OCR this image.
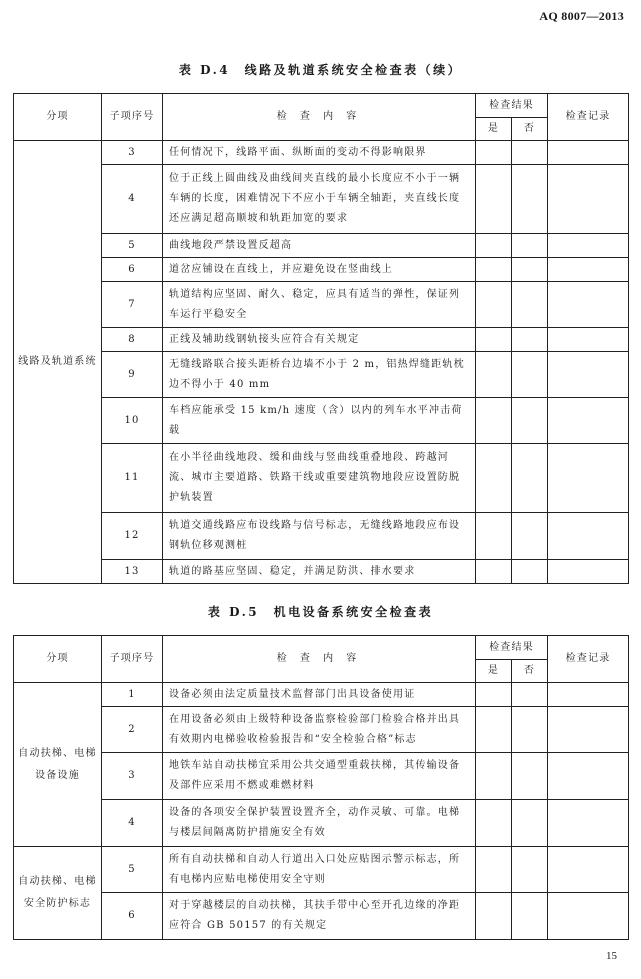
AQ 8007—2013
表 D.4　线路及轨道系统安全检查表（续）
分项	子项序号	检 查 内 容	检查结果		检查记录
			是	否	
线路及轨道系统	3	任何情况下，线路平面、纵断面的变动不得影响限界			
	4	位于正线上圆曲线及曲线间夹直线的最小长度应不小于一辆车辆的长度，困难情况下不应小于车辆全轴距，夹直线长度还应满足超高顺坡和轨距加宽的要求			
	5	曲线地段严禁设置反超高			
	6	道岔应铺设在直线上，并应避免设在竖曲线上			
	7	轨道结构应坚固、耐久、稳定，应具有适当的弹性，保证列车运行平稳安全			
	8	正线及辅助线钢轨接头应符合有关规定			
	9	无缝线路联合接头距桥台边墙不小于 2 m，铝热焊缝距轨枕边不得小于 40 mm			
	10	车档应能承受 15 km/h 速度（含）以内的列车水平冲击荷载			
	11	在小半径曲线地段、缓和曲线与竖曲线重叠地段、跨越河流、城市主要道路、铁路干线或重要建筑物地段应设置防脱护轨装置			
	12	轨道交通线路应布设线路与信号标志，无缝线路地段应布设钢轨位移观测桩			
	13	轨道的路基应坚固、稳定，并满足防洪、排水要求			
表 D.5　机电设备系统安全检查表
分项	子项序号	检 查 内 容	检查结果		检查记录
			是	否	

自动扶梯、电梯
设备设施	1	设备必须由法定质量技术监督部门出具设备使用证			
	2	在用设备必须由上级特种设备监察检验部门检验合格并出具有效期内电梯验收检验报告和“安全检验合格”标志			
	3	地铁车站自动扶梯宜采用公共交通型重载扶梯，其传输设备及部件应采用不燃或难燃材料			
	4	设备的各项安全保护装置设置齐全，动作灵敏、可靠。电梯与楼层间隔离防护措施安全有效			

自动扶梯、电梯
安全防护标志	5	所有自动扶梯和自动人行道出入口处应贴图示警示标志，所有电梯内应贴电梯使用安全守则			
	6	对于穿越楼层的自动扶梯，其扶手带中心至开孔边缘的净距应符合 GB 50157 的有关规定			
15
